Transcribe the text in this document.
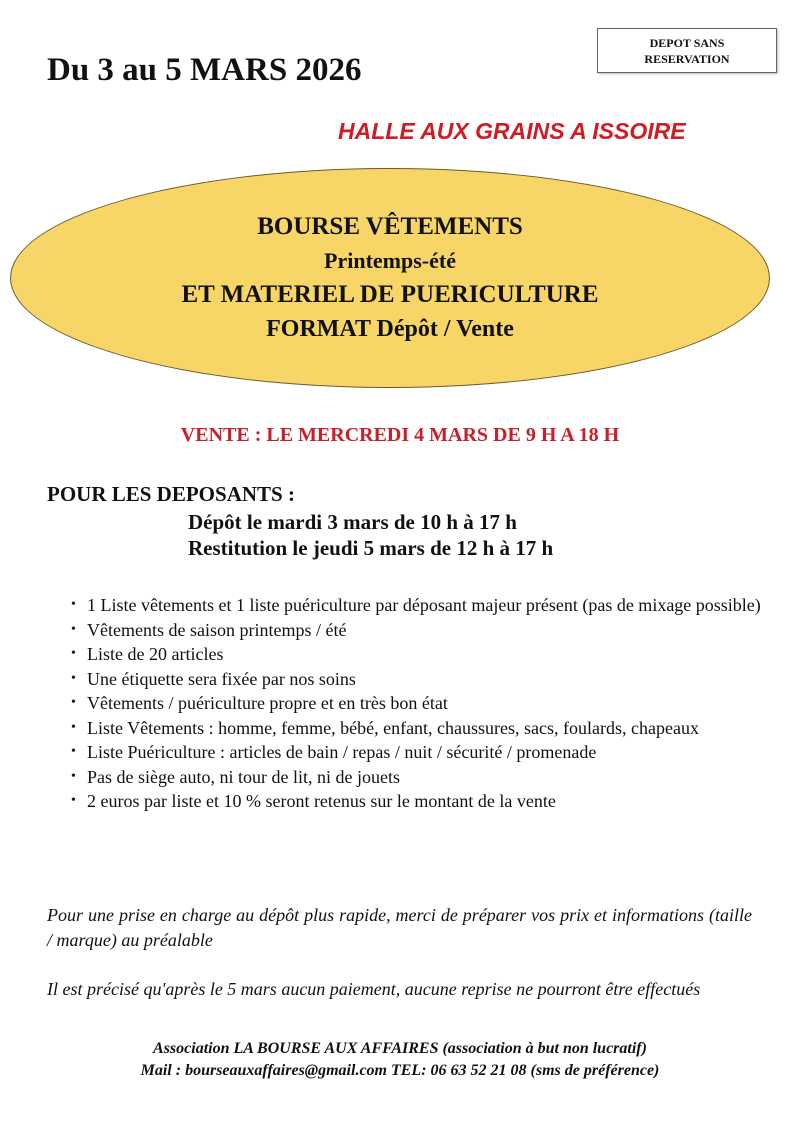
Du 3 au 5 MARS 2026
DEPOT SANS
RESERVATION
HALLE AUX GRAINS A ISSOIRE
BOURSE VÊTEMENTS
Printemps-été
ET MATERIEL DE PUERICULTURE
FORMAT Dépôt / Vente
VENTE : LE MERCREDI 4 MARS DE 9 H A 18 H
POUR LES DEPOSANTS :
Dépôt le mardi 3 mars de 10 h à 17 h
Restitution le jeudi 5 mars de 12 h à 17 h
• 1 Liste vêtements et 1 liste puériculture par déposant majeur présent (pas de mixage possible)
• Vêtements de saison printemps / été
• Liste de 20 articles
• Une étiquette sera fixée par nos soins
• Vêtements / puériculture propre et en très bon état
• Liste Vêtements : homme, femme, bébé, enfant, chaussures, sacs, foulards, chapeaux
• Liste Puériculture : articles de bain / repas / nuit / sécurité / promenade
• Pas de siège auto, ni tour de lit, ni de jouets
• 2 euros par liste et 10 % seront retenus sur le montant de la vente
Pour une prise en charge au dépôt plus rapide, merci de préparer vos prix et informations (taille / marque) au préalable
Il est précisé qu'après le 5 mars aucun paiement, aucune reprise ne pourront être effectués
Association LA BOURSE AUX AFFAIRES (association à but non lucratif)
Mail : bourseauxaffaires@gmail.com TEL: 06 63 52 21 08 (sms de préférence)
